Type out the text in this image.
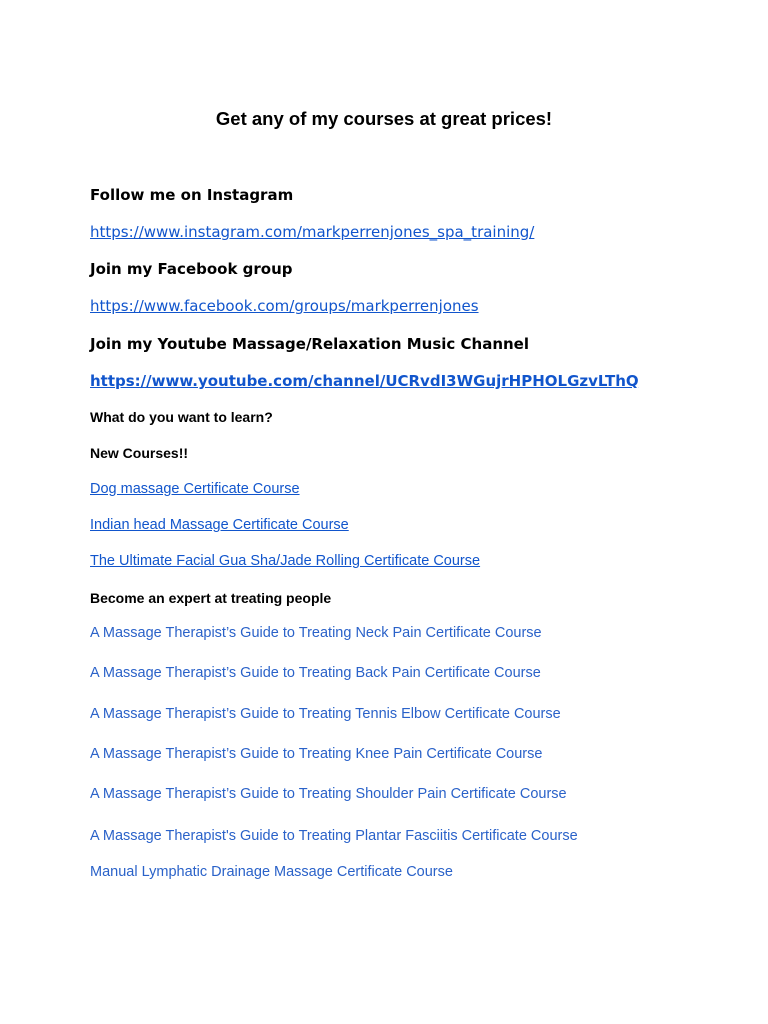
Get any of my courses at great prices!
Follow me on Instagram
https://www.instagram.com/markperrenjones_spa_training/
Join my Facebook group
https://www.facebook.com/groups/markperrenjones
Join my Youtube Massage/Relaxation Music Channel
https://www.youtube.com/channel/UCRvdI3WGujrHPHOLGzvLThQ
What do you want to learn?
New Courses!!
Dog massage Certificate Course
Indian head Massage Certificate Course
The Ultimate Facial Gua Sha/Jade Rolling Certificate Course
Become an expert at treating people
A Massage Therapist’s Guide to Treating Neck Pain Certificate Course
A Massage Therapist’s Guide to Treating Back Pain Certificate Course
A Massage Therapist’s Guide to Treating Tennis Elbow Certificate Course
A Massage Therapist’s Guide to Treating Knee Pain Certificate Course
A Massage Therapist’s Guide to Treating Shoulder Pain Certificate Course
A Massage Therapist's Guide to Treating Plantar Fasciitis Certificate Course
Manual Lymphatic Drainage Massage Certificate Course
